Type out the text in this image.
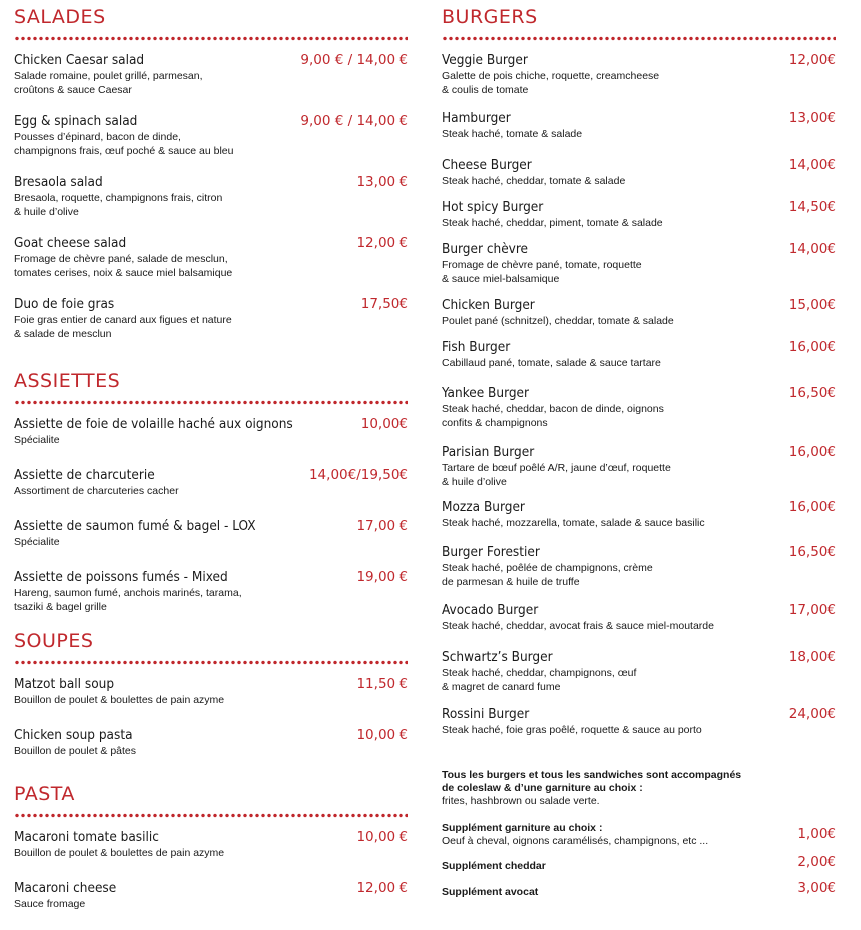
SALADES
Chicken Caesar salad	9,00 € / 14,00 €
Salade romaine, poulet grillé, parmesan,
croûtons & sauce Caesar
Egg & spinach salad	9,00 € / 14,00 €
Pousses d’épinard, bacon de dinde,
champignons frais, œuf poché & sauce au bleu
Bresaola salad	13,00 €
Bresaola, roquette, champignons frais, citron
& huile d’olive
Goat cheese salad	12,00 €
Fromage de chèvre pané, salade de mesclun,
tomates cerises, noix & sauce miel balsamique
Duo de foie gras	17,50€
Foie gras entier de canard aux figues et nature
& salade de mesclun
ASSIETTES
Assiette de foie de volaille haché aux oignons	10,00€
Spécialite
Assiette de charcuterie	14,00€/19,50€
Assortiment de charcuteries cacher
Assiette de saumon fumé & bagel - LOX	17,00 €
Spécialite
Assiette de poissons fumés - Mixed	19,00 €
Hareng, saumon fumé, anchois marinés, tarama,
tsaziki & bagel grille
SOUPES
Matzot ball soup	11,50 €
Bouillon de poulet & boulettes de pain azyme
Chicken soup pasta	10,00 €
Bouillon de poulet & pâtes
PASTA
Macaroni tomate basilic	10,00 €
Bouillon de poulet & boulettes de pain azyme
Macaroni cheese	12,00 €
Sauce fromage
BURGERS
Veggie Burger	12,00€
Galette de pois chiche, roquette, creamcheese
& coulis de tomate
Hamburger	13,00€
Steak haché, tomate & salade
Cheese Burger	14,00€
Steak haché, cheddar, tomate & salade
Hot spicy Burger	14,50€
Steak haché, cheddar, piment, tomate & salade
Burger chèvre	14,00€
Fromage de chèvre pané, tomate, roquette
& sauce miel-balsamique
Chicken Burger	15,00€
Poulet pané (schnitzel), cheddar, tomate & salade
Fish Burger	16,00€
Cabillaud pané, tomate, salade & sauce tartare
Yankee Burger	16,50€
Steak haché, cheddar, bacon de dinde, oignons
confits & champignons
Parisian Burger	16,00€
Tartare de bœuf poêlé A/R, jaune d’œuf, roquette
& huile d’olive
Mozza Burger	16,00€
Steak haché, mozzarella, tomate, salade & sauce basilic
Burger Forestier	16,50€
Steak haché, poêlée de champignons, crème
de parmesan & huile de truffe
Avocado Burger	17,00€
Steak haché, cheddar, avocat frais & sauce miel-moutarde
Schwartz’s Burger	18,00€
Steak haché, cheddar, champignons, œuf
& magret de canard fume
Rossini Burger	24,00€
Steak haché, foie gras poêlé, roquette & sauce au porto
Tous les burgers et tous les sandwiches sont accompagnés
de coleslaw & d’une garniture au choix :
frites, hashbrown ou salade verte.
Supplément garniture au choix :
Oeuf à cheval, oignons caramélisés, champignons, etc ...	1,00€
Supplément cheddar	2,00€
Supplément avocat	3,00€
